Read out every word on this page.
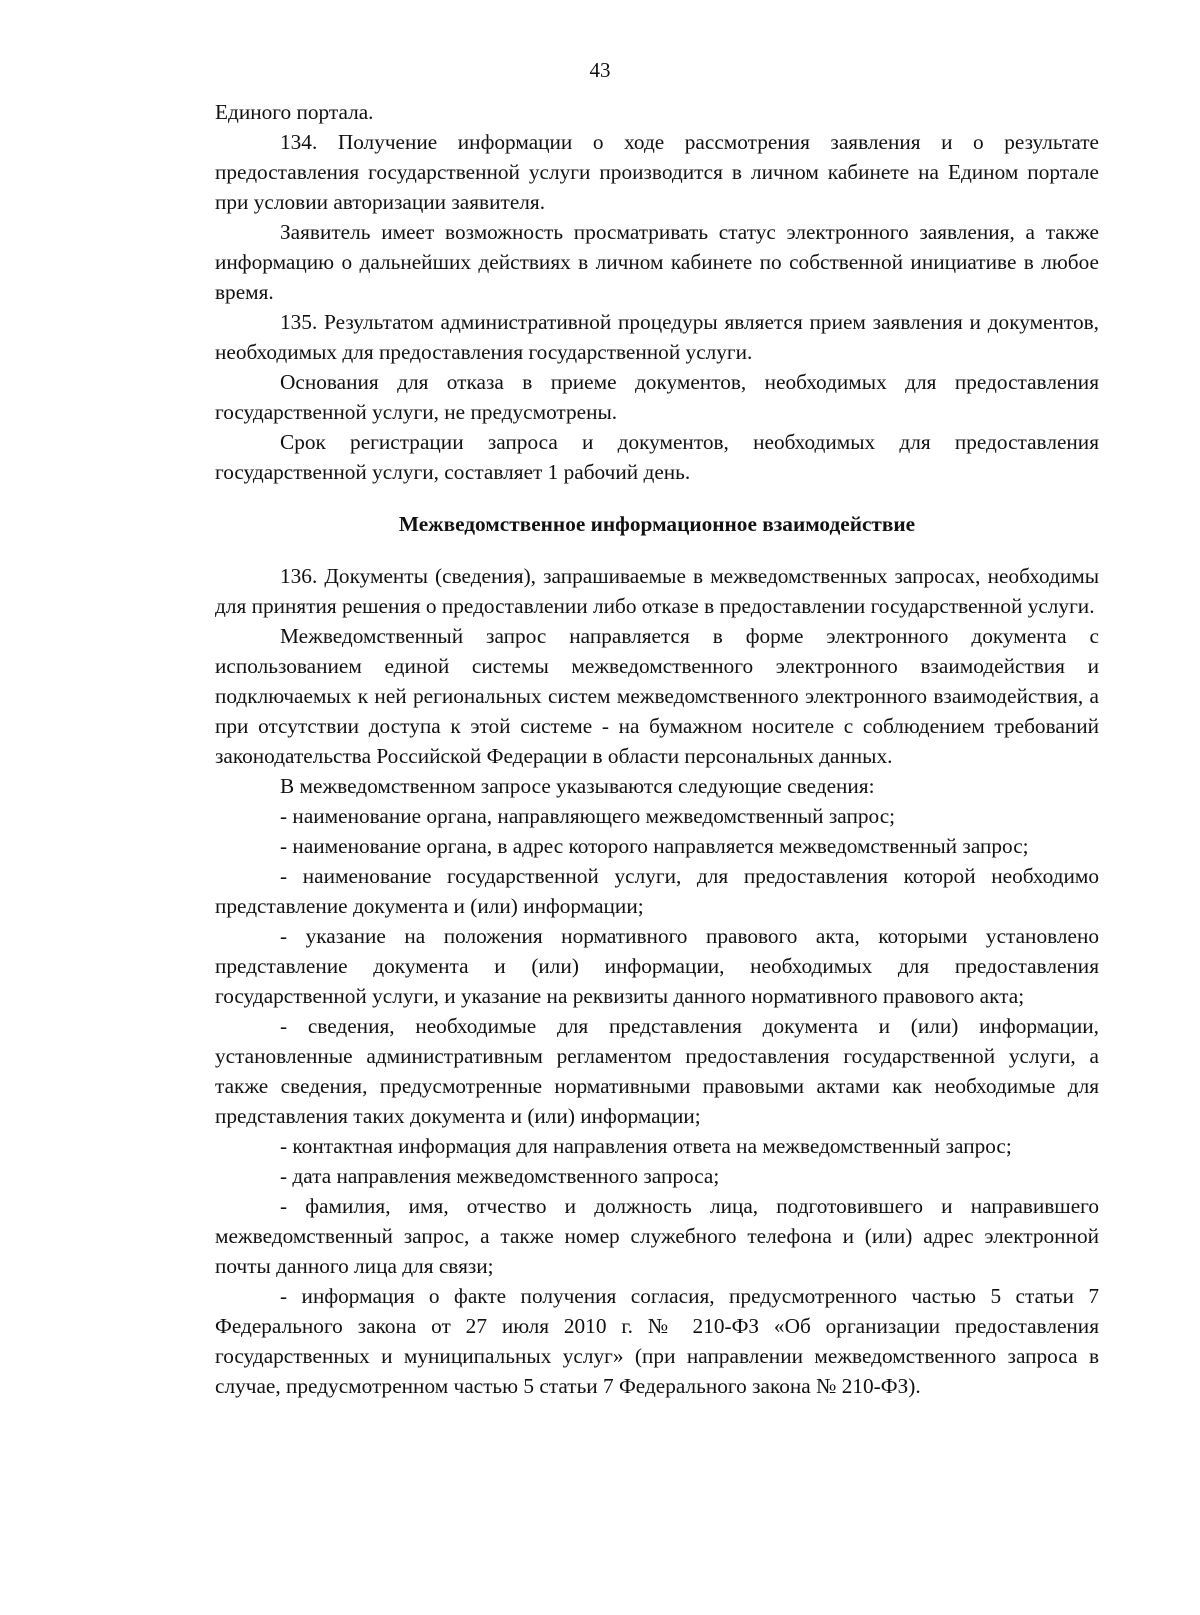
43

Единого портала.

134. Получение информации о ходе рассмотрения заявления и о результате предоставления государственной услуги производится в личном кабинете на Едином портале при условии авторизации заявителя.

Заявитель имеет возможность просматривать статус электронного заявления, а также информацию о дальнейших действиях в личном кабинете по собственной инициативе в любое время.

135. Результатом административной процедуры является прием заявления и документов, необходимых для предоставления государственной услуги.

Основания для отказа в приеме документов, необходимых для предоставления государственной услуги, не предусмотрены.

Срок регистрации запроса и документов, необходимых для предоставления государственной услуги, составляет 1 рабочий день.

Межведомственное информационное взаимодействие

136. Документы (сведения), запрашиваемые в межведомственных запросах, необходимы для принятия решения о предоставлении либо отказе в предоставлении государственной услуги.

Межведомственный запрос направляется в форме электронного документа с использованием единой системы межведомственного электронного взаимодействия и подключаемых к ней региональных систем межведомственного электронного взаимодействия, а при отсутствии доступа к этой системе - на бумажном носителе с соблюдением требований законодательства Российской Федерации в области персональных данных.

В межведомственном запросе указываются следующие сведения:

- наименование органа, направляющего межведомственный запрос;

- наименование органа, в адрес которого направляется межведомственный запрос;

- наименование государственной услуги, для предоставления которой необходимо представление документа и (или) информации;

- указание на положения нормативного правового акта, которыми установлено представление документа и (или) информации, необходимых для предоставления государственной услуги, и указание на реквизиты данного нормативного правового акта;

- сведения, необходимые для представления документа и (или) информации, установленные административным регламентом предоставления государственной услуги, а также сведения, предусмотренные нормативными правовыми актами как необходимые для представления таких документа и (или) информации;

- контактная информация для направления ответа на межведомственный запрос;

- дата направления межведомственного запроса;

- фамилия, имя, отчество и должность лица, подготовившего и направившего межведомственный запрос, а также номер служебного телефона и (или) адрес электронной почты данного лица для связи;

- информация о факте получения согласия, предусмотренного частью 5 статьи 7 Федерального закона от 27 июля 2010 г. № 210-ФЗ «Об организации предоставления государственных и муниципальных услуг» (при направлении межведомственного запроса в случае, предусмотренном частью 5 статьи 7 Федерального закона № 210-ФЗ).
